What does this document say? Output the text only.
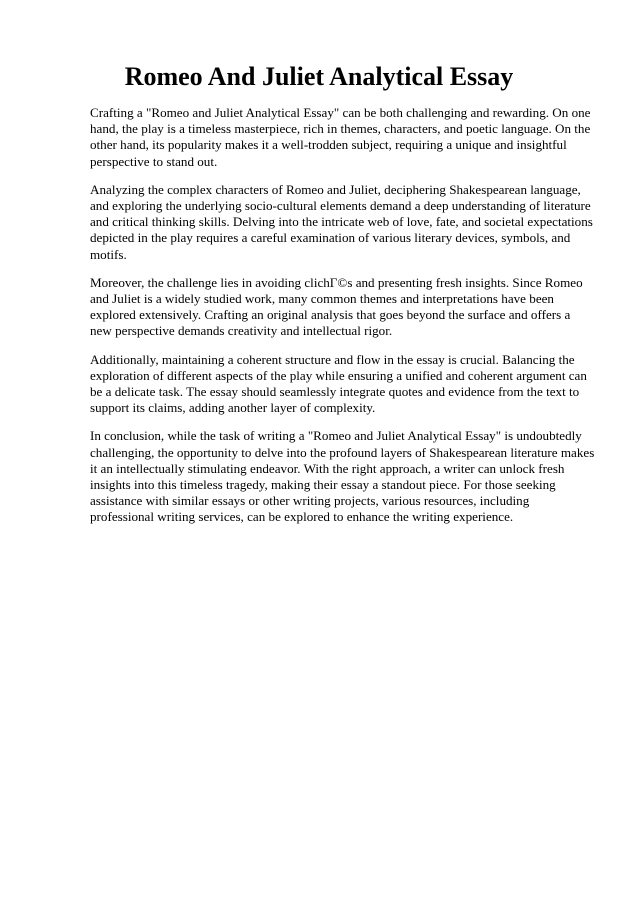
Romeo And Juliet Analytical Essay

Crafting a "Romeo and Juliet Analytical Essay" can be both challenging and rewarding. On one hand, the play is a timeless masterpiece, rich in themes, characters, and poetic language. On the other hand, its popularity makes it a well-trodden subject, requiring a unique and insightful perspective to stand out.

Analyzing the complex characters of Romeo and Juliet, deciphering Shakespearean language, and exploring the underlying socio-cultural elements demand a deep understanding of literature and critical thinking skills. Delving into the intricate web of love, fate, and societal expectations depicted in the play requires a careful examination of various literary devices, symbols, and motifs.

Moreover, the challenge lies in avoiding clichГ©s and presenting fresh insights. Since Romeo and Juliet is a widely studied work, many common themes and interpretations have been explored extensively. Crafting an original analysis that goes beyond the surface and offers a new perspective demands creativity and intellectual rigor.

Additionally, maintaining a coherent structure and flow in the essay is crucial. Balancing the exploration of different aspects of the play while ensuring a unified and coherent argument can be a delicate task. The essay should seamlessly integrate quotes and evidence from the text to support its claims, adding another layer of complexity.

In conclusion, while the task of writing a "Romeo and Juliet Analytical Essay" is undoubtedly challenging, the opportunity to delve into the profound layers of Shakespearean literature makes it an intellectually stimulating endeavor. With the right approach, a writer can unlock fresh insights into this timeless tragedy, making their essay a standout piece. For those seeking assistance with similar essays or other writing projects, various resources, including professional writing services, can be explored to enhance the writing experience.
